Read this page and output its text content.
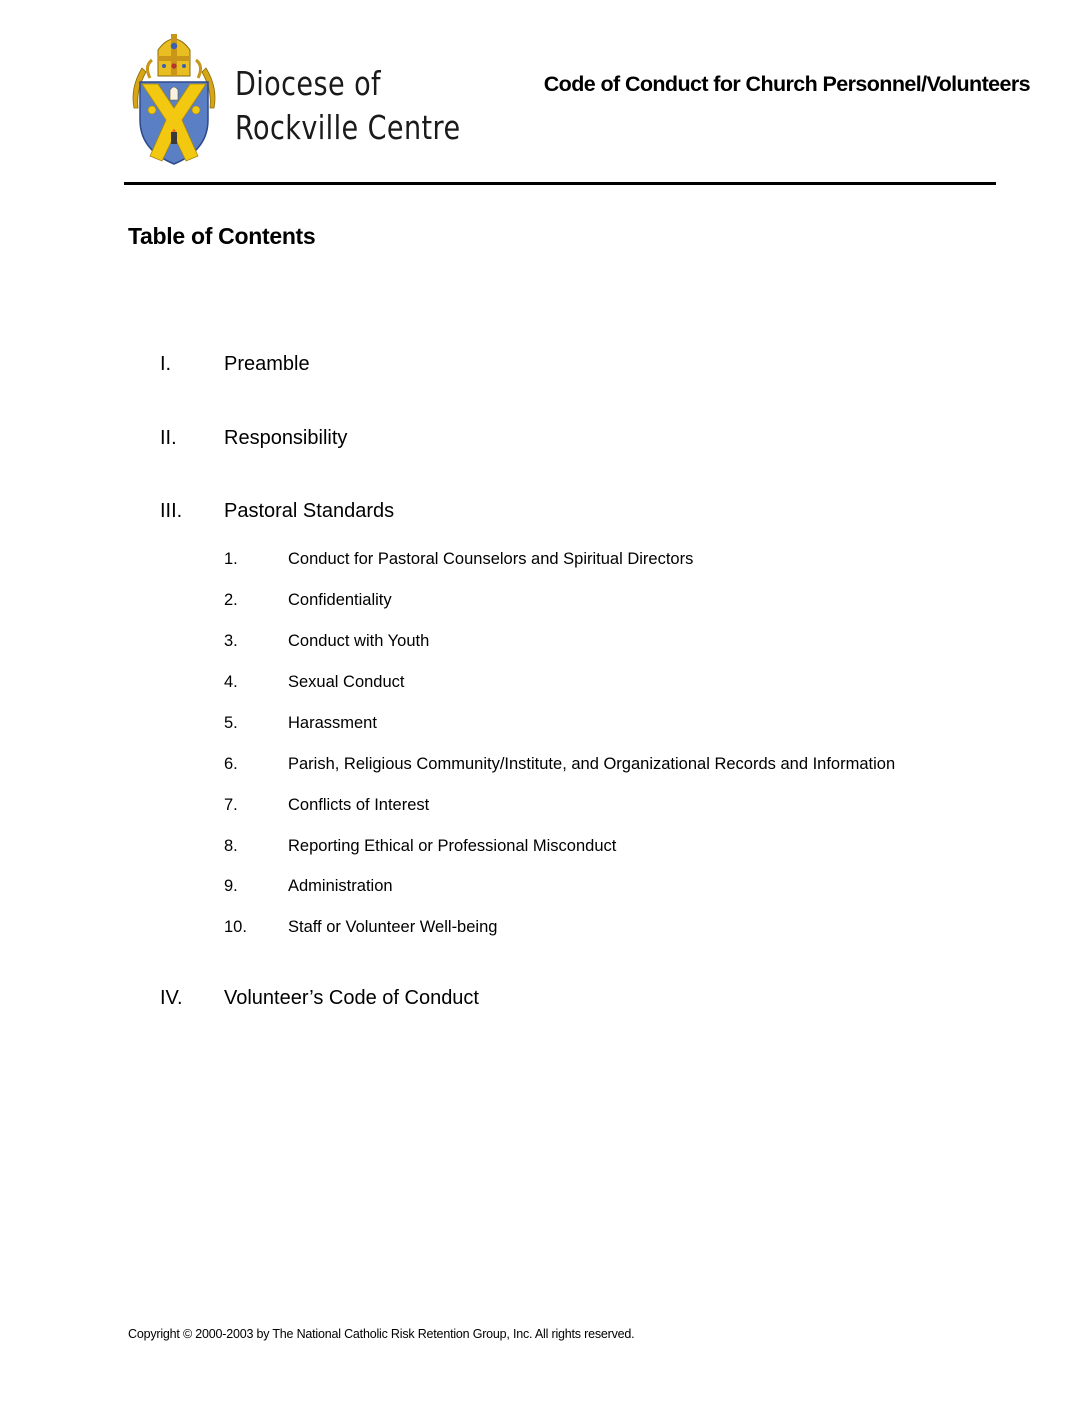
Diocese of
Rockville Centre
Code of Conduct for Church Personnel/Volunteers
Table of Contents
I.	Preamble
II. Responsibility
III. Pastoral Standards
1.	Conduct for Pastoral Counselors and Spiritual Directors
2.	Confidentiality
3.	Conduct with Youth
4.	Sexual Conduct
5.	Harassment
6.	Parish, Religious Community/Institute, and Organizational Records and Information
7.	Conflicts of Interest
8.	Reporting Ethical or Professional Misconduct
9.	Administration
10. Staff or Volunteer Well-being
IV. Volunteer’s Code of Conduct
Copyright © 2000-2003 by The National Catholic Risk Retention Group, Inc. All rights reserved.
